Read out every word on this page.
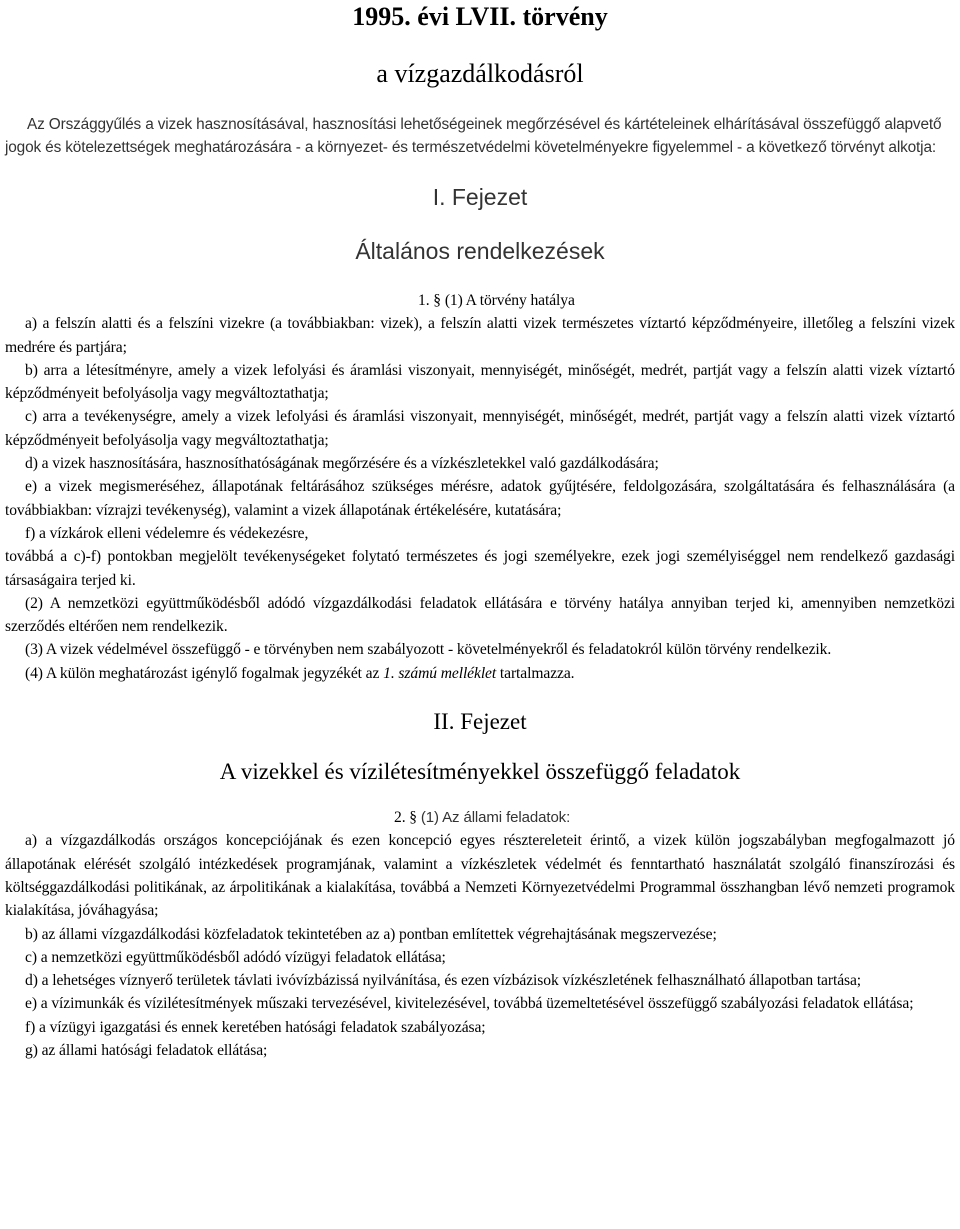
1995. évi LVII. törvény
a vízgazdálkodásról

Az Országgyűlés a vizek hasznosításával, hasznosítási lehetőségeinek megőrzésével és kártételeinek elhárításával összefüggő alapvető jogok és kötelezettségek meghatározására - a környezet- és természetvédelmi követelményekre figyelemmel - a következő törvényt alkotja:

I. Fejezet
Általános rendelkezések

1. § (1) A törvény hatálya

a) a felszín alatti és a felszíni vizekre (a továbbiakban: vizek), a felszín alatti vizek természetes víztartó képződményeire, illetőleg a felszíni vizek medrére és partjára;

b) arra a létesítményre, amely a vizek lefolyási és áramlási viszonyait, mennyiségét, minőségét, medrét, partját vagy a felszín alatti vizek víztartó képződményeit befolyásolja vagy megváltoztathatja;

c) arra a tevékenységre, amely a vizek lefolyási és áramlási viszonyait, mennyiségét, minőségét, medrét, partját vagy a felszín alatti vizek víztartó képződményeit befolyásolja vagy megváltoztathatja;

d) a vizek hasznosítására, hasznosíthatóságának megőrzésére és a vízkészletekkel való gazdálkodására;

e) a vizek megismeréséhez, állapotának feltárásához szükséges mérésre, adatok gyűjtésére, feldolgozására, szolgáltatására és felhasználására (a továbbiakban: vízrajzi tevékenység), valamint a vizek állapotának értékelésére, kutatására;

f) a vízkárok elleni védelemre és védekezésre,

továbbá a c)-f) pontokban megjelölt tevékenységeket folytató természetes és jogi személyekre, ezek jogi személyiséggel nem rendelkező gazdasági társaságaira terjed ki.

(2) A nemzetközi együttműködésből adódó vízgazdálkodási feladatok ellátására e törvény hatálya annyiban terjed ki, amennyiben nemzetközi szerződés eltérően nem rendelkezik.

(3) A vizek védelmével összefüggő - e törvényben nem szabályozott - követelményekről és feladatokról külön törvény rendelkezik.

(4) A külön meghatározást igénylő fogalmak jegyzékét az 1. számú melléklet tartalmazza.

II. Fejezet
A vizekkel és vízilétesítményekkel összefüggő feladatok

2. § (1) Az állami feladatok:

a) a vízgazdálkodás országos koncepciójának és ezen koncepció egyes résztereleteit érintő, a vizek külön jogszabályban megfogalmazott jó állapotának elérését szolgáló intézkedések programjának, valamint a vízkészletek védelmét és fenntartható használatát szolgáló finanszírozási és költséggazdálkodási politikának, az árpolitikának a kialakítása, továbbá a Nemzeti Környezetvédelmi Programmal összhangban lévő nemzeti programok kialakítása, jóváhagyása;

b) az állami vízgazdálkodási közfeladatok tekintetében az a) pontban említettek végrehajtásának megszervezése;

c) a nemzetközi együttműködésből adódó vízügyi feladatok ellátása;

d) a lehetséges víznyerő területek távlati ivóvízbázissá nyilvánítása, és ezen vízbázisok vízkészletének felhasználható állapotban tartása;

e) a vízimunkák és vízilétesítmények műszaki tervezésével, kivitelezésével, továbbá üzemeltetésével összefüggő szabályozási feladatok ellátása;

f) a vízügyi igazgatási és ennek keretében hatósági feladatok szabályozása;

g) az állami hatósági feladatok ellátása;
